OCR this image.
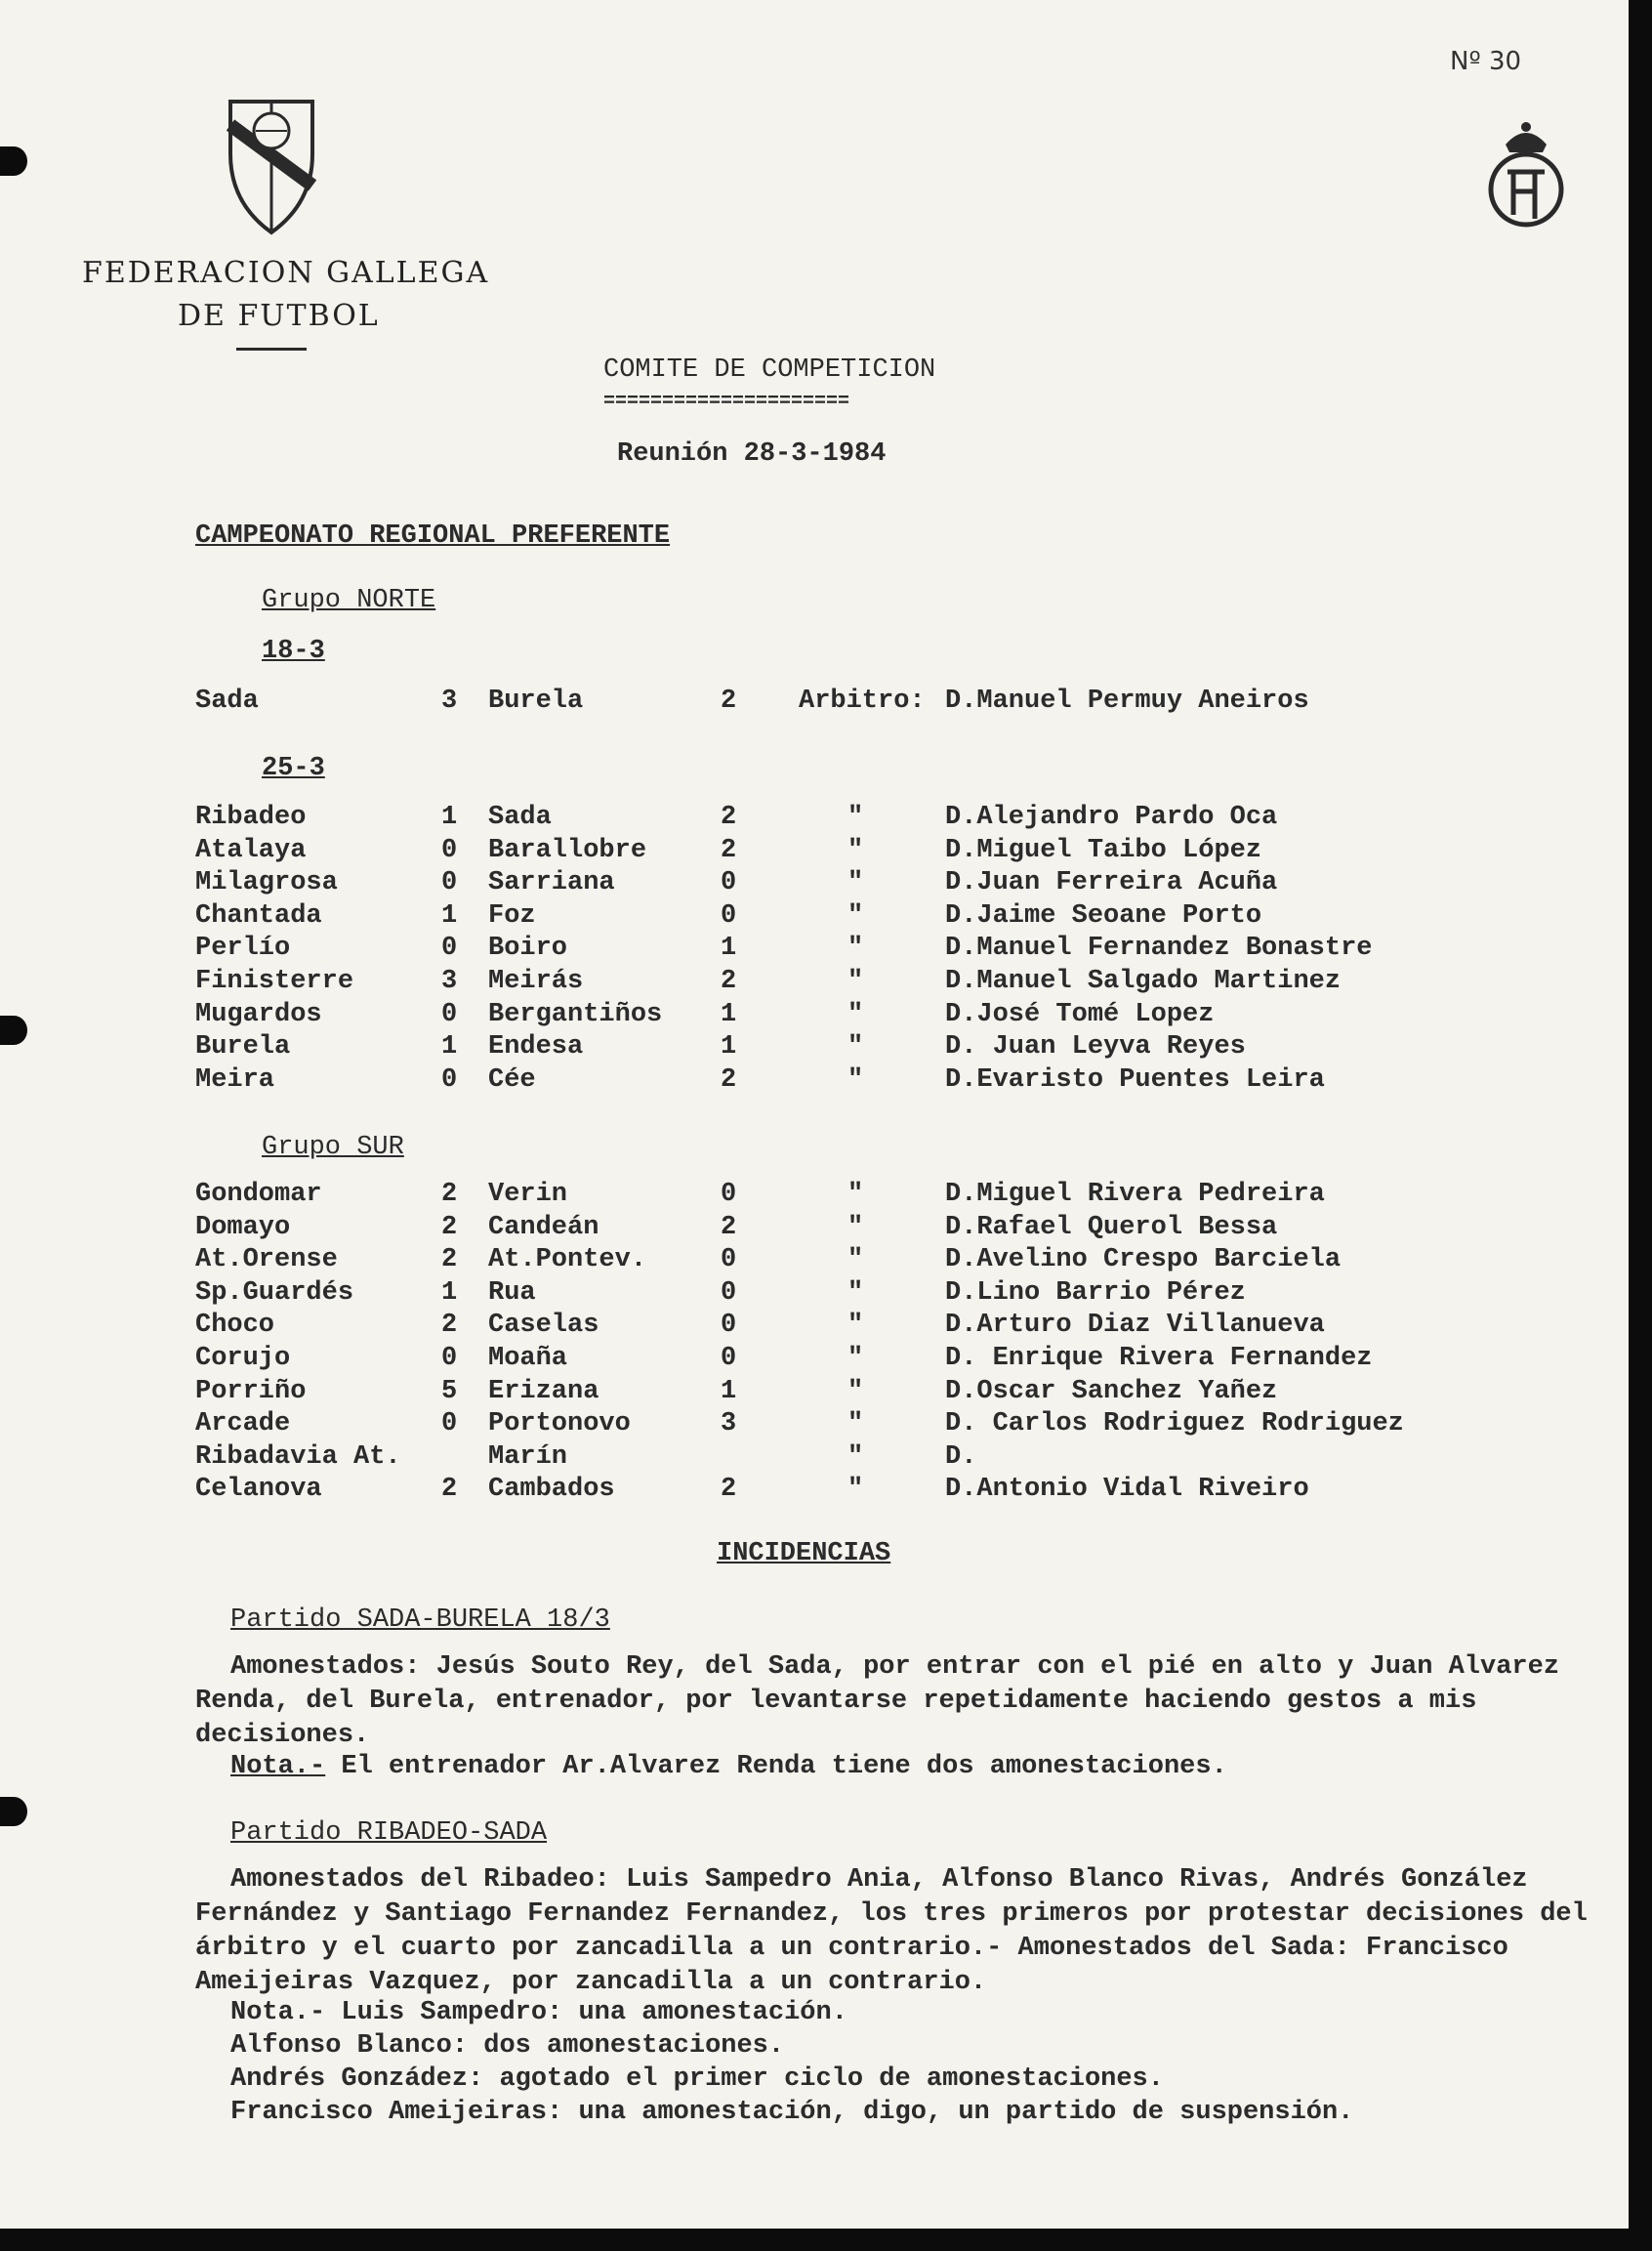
Nº 30
FEDERACION GALLEGA
DE FUTBOL
COMITE DE COMPETICION
=====================
Reunión 28-3-1984
CAMPEONATO REGIONAL PREFERENTE
Grupo NORTE
18-3
Sada	3 Burela	2 Arbitro: D.Manuel Permuy Aneiros
25-3
Ribadeo	1 Sada	2	"	D.Alejandro Pardo Oca
Atalaya	0 Barallobre	2	"	D.Miguel Taibo López
Milagrosa	0 Sarriana	0	"	D.Juan Ferreira Acuña
Chantada	1 Foz	0	"	D.Jaime Seoane Porto
Perlío	0 Boiro	1	"	D.Manuel Fernandez Bonastre
Finisterre	3 Meirás	2	"	D.Manuel Salgado Martinez
Mugardos	0 Bergantiños 1	"	D.José Tomé Lopez
Burela	1 Endesa	1	"	D. Juan Leyva Reyes
Meira	0 Cée	2	"	D.Evaristo Puentes Leira
Grupo SUR
Gondomar	2 Verin	0	"	D.Miguel Rivera Pedreira
Domayo	2 Candeán	2	"	D.Rafael Querol Bessa
At.Orense	2 At.Pontev.	0	"	D.Avelino Crespo Barciela
Sp.Guardés	1 Rua	0	"	D.Lino Barrio Pérez
Choco	2 Caselas	0	"	D.Arturo Diaz Villanueva
Corujo	0 Moaña	0	"	D. Enrique Rivera Fernandez
Porriño	5 Erizana	1	"	D.Oscar Sanchez Yañez
Arcade	0 Portonovo	3	"	D. Carlos Rodriguez Rodriguez
Ribadavia At.	Marín	"	D.
Celanova	2 Cambados	2	"	D.Antonio Vidal Riveiro
INCIDENCIAS
Partido SADA-BURELA 18/3

Amonestados: Jesús Souto Rey, del Sada, por entrar con el pié en alto y Juan Alvarez Renda, del Burela, entrenador, por levantarse repetidamente haciendo gestos a mis decisiones.

Nota.- El entrenador Ar.Alvarez Renda tiene dos amonestaciones.
Partido RIBADEO-SADA

Amonestados del Ribadeo: Luis Sampedro Ania, Alfonso Blanco Rivas, Andrés González Fernández y Santiago Fernandez Fernandez, los tres primeros por protestar decisiones del árbitro y el cuarto por zancadilla a un contrario.- Amonestados del Sada: Francisco Ameijeiras Vazquez, por zancadilla a un contrario.

Nota.- Luis Sampedro: una amonestación.
Alfonso Blanco: dos amonestaciones.
Andrés Gonzádez: agotado el primer ciclo de amonestaciones.
Francisco Ameijeiras: una amonestación, digo, un partido de suspensión.
